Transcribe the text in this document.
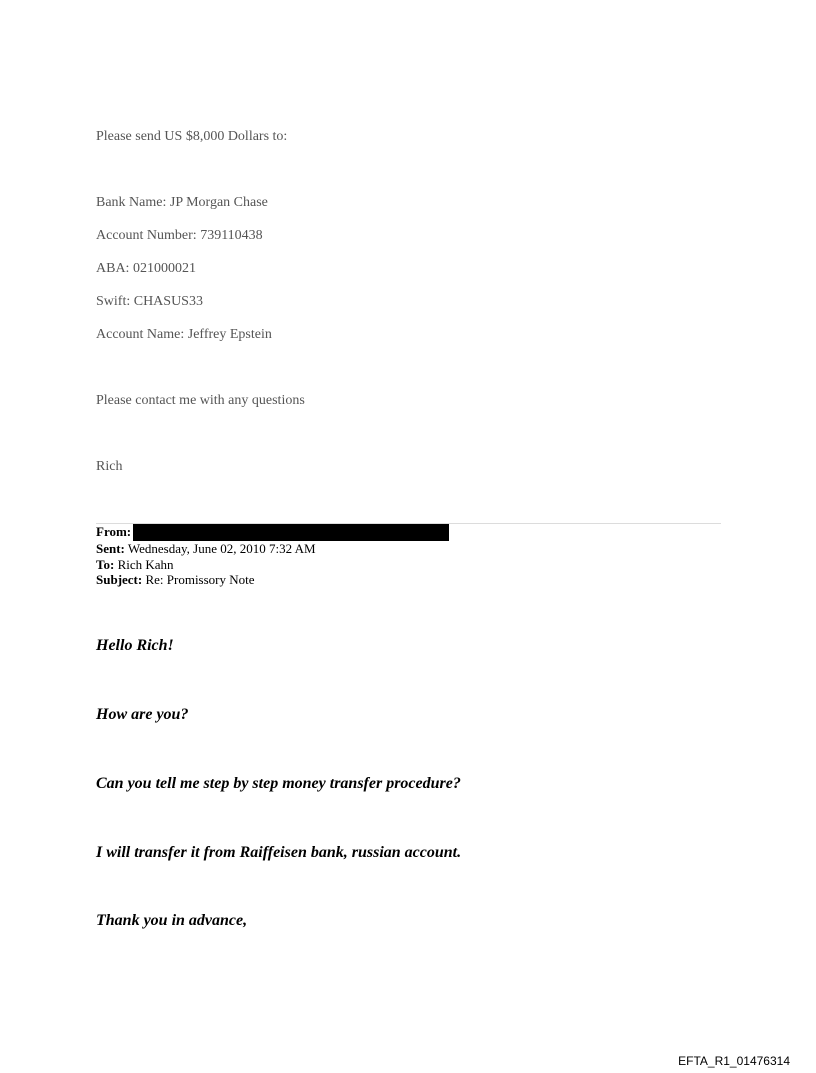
Please send US $8,000 Dollars to:
Bank Name: JP Morgan Chase
Account Number: 739110438
ABA: 021000021
Swift: CHASUS33
Account Name: Jeffrey Epstein
Please contact me with any questions
Rich
From:
Sent: Wednesday, June 02, 2010 7:32 AM
To: Rich Kahn
Subject: Re: Promissory Note
Hello Rich!
How are you?
Can you tell me step by step money transfer procedure?
I will transfer it from Raiffeisen bank, russian account.
Thank you in advance,
EFTA_R1_01476314
